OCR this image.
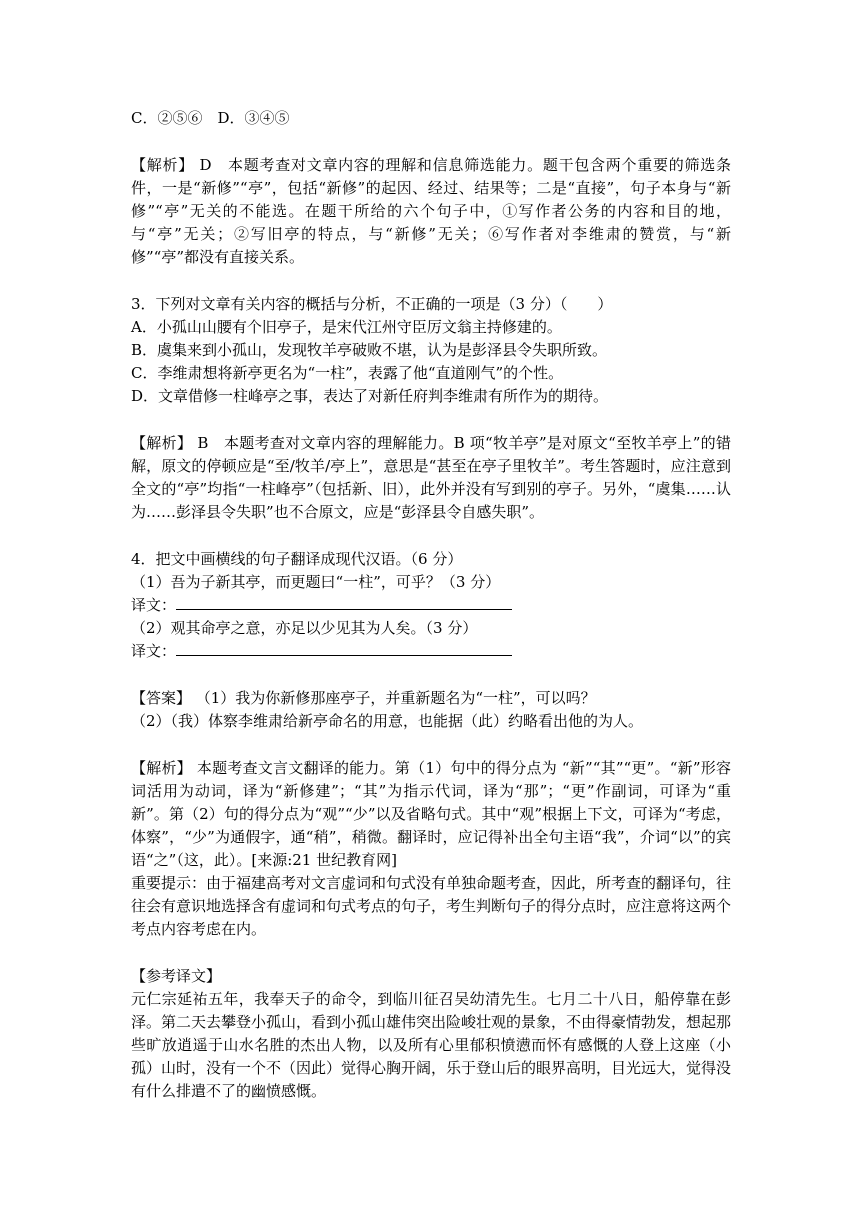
C．②⑤⑥　D．③④⑤
【解析】 D　本题考查对文章内容的理解和信息筛选能力。题干包含两个重要的筛选条件，一是“新修”“亭”，包括“新修”的起因、经过、结果等；二是“直接”，句子本身与“新修”“亭”无关的不能选。在题干所给的六个句子中，①写作者公务的内容和目的地，与“亭”无关；②写旧亭的特点，与“新修”无关；⑥写作者对李维肃的赞赏，与“新修”“亭”都没有直接关系。
3．下列对文章有关内容的概括与分析，不正确的一项是（3 分）（　　）
A．小孤山山腰有个旧亭子，是宋代江州守臣厉文翁主持修建的。
B．虞集来到小孤山，发现牧羊亭破败不堪，认为是彭泽县令失职所致。
C．李维肃想将新亭更名为“一柱”，表露了他“直道刚气”的个性。
D．文章借修一柱峰亭之事，表达了对新任府判李维肃有所作为的期待。
【解析】 B　本题考查对文章内容的理解能力。B 项“牧羊亭”是对原文“至牧羊亭上”的错解，原文的停顿应是“至/牧羊/亭上”，意思是“甚至在亭子里牧羊”。考生答题时，应注意到全文的“亭”均指“一柱峰亭”（包括新、旧），此外并没有写到别的亭子。另外，“虞集……认为……彭泽县令失职”也不合原文，应是“彭泽县令自感失职”。
4．把文中画横线的句子翻译成现代汉语。（6 分）
（1）吾为子新其亭，而更题曰“一柱”，可乎？（3 分）
译文：
（2）观其命亭之意，亦足以少见其为人矣。（3 分）
译文：
【答案】 （1）我为你新修那座亭子，并重新题名为“一柱”，可以吗？
（2）（我）体察李维肃给新亭命名的用意，也能据（此）约略看出他的为人。
【解析】 本题考查文言文翻译的能力。第（1）句中的得分点为 “新”“其”“更”。“新”形容词活用为动词，译为“新修建”；“其”为指示代词，译为“那”；“更”作副词，可译为“重新”。第（2）句的得分点为“观”“少”以及省略句式。其中“观”根据上下文，可译为“考虑，体察”，“少”为通假字，通“稍”，稍微。翻译时，应记得补出全句主语“我”，介词“以”的宾语“之”（这，此）。[来源:21 世纪教育网]
重要提示：由于福建高考对文言虚词和句式没有单独命题考查，因此，所考查的翻译句，往往会有意识地选择含有虚词和句式考点的句子，考生判断句子的得分点时，应注意将这两个考点内容考虑在内。
【参考译文】
元仁宗延祐五年，我奉天子的命令，到临川征召吴幼清先生。七月二十八日，船停靠在彭泽。第二天去攀登小孤山，看到小孤山雄伟突出险峻壮观的景象，不由得豪情勃发，想起那些旷放逍遥于山水名胜的杰出人物，以及所有心里郁积愤懑而怀有感慨的人登上这座（小孤）山时，没有一个不（因此）觉得心胸开阔，乐于登山后的眼界高明，目光远大，觉得没有什么排遣不了的幽愤感慨。
